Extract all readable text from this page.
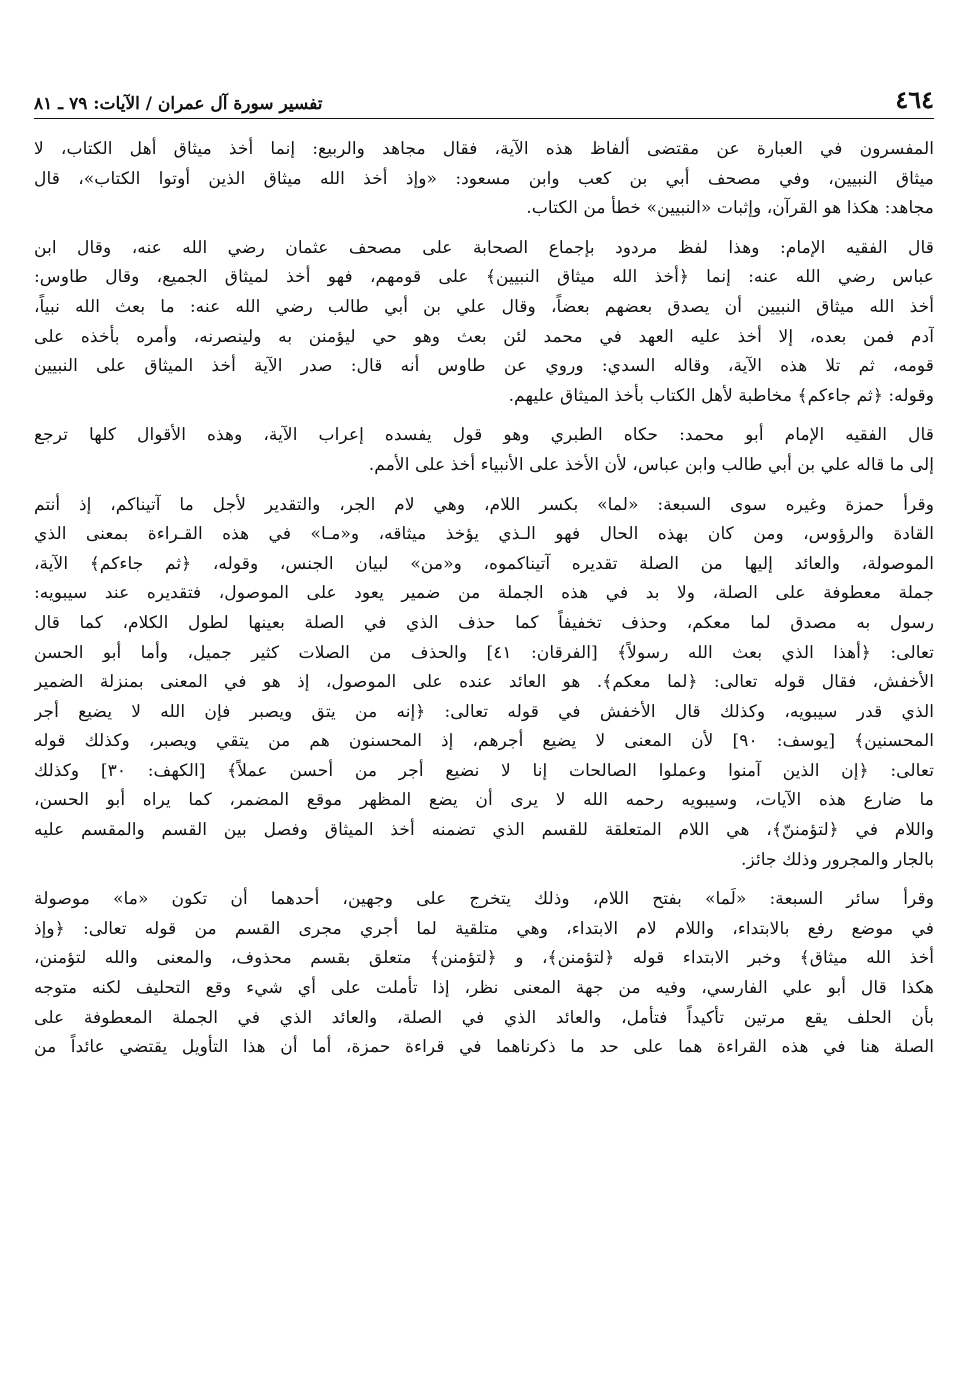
٤٦٤
تفسير سورة آل عمران / الآيات: ٧٩ ـ ٨١

المفسرون في العبارة عن مقتضى ألفاظ هذه الآية، فقال مجاهد والربيع: إنما أخذ ميثاق أهل الكتاب، لا
ميثاق النبيين، وفي مصحف أبي بن كعب وابن مسعود: «وإذ أخذ الله ميثاق الذين أوتوا الكتاب»، قال
مجاهد: هكذا هو القرآن، وإثبات «النبيين» خطأ من الكتاب.

قال الفقيه الإمام: وهذا لفظ مردود بإجماع الصحابة على مصحف عثمان رضي الله عنه، وقال ابن
عباس رضي الله عنه: إنما ﴿أخذ الله ميثاق النبيين﴾ على قومهم، فهو أخذ لميثاق الجميع، وقال طاوس:
أخذ الله ميثاق النبيين أن يصدق بعضهم بعضاً، وقال علي بن أبي طالب رضي الله عنه: ما بعث الله نبياً،
آدم فمن بعده، إلا أخذ عليه العهد في محمد لئن بعث وهو حي ليؤمنن به ولينصرنه، وأمره بأخذه على
قومه، ثم تلا هذه الآية، وقاله السدي: وروي عن طاوس أنه قال: صدر الآية أخذ الميثاق على النبيين
وقوله: ﴿ثم جاءكم﴾ مخاطبة لأهل الكتاب بأخذ الميثاق عليهم.

قال الفقيه الإمام أبو محمد: حكاه الطبري وهو قول يفسده إعراب الآية، وهذه الأقوال كلها ترجع
إلى ما قاله علي بن أبي طالب وابن عباس، لأن الأخذ على الأنبياء أخذ على الأمم.

وقرأ حمزة وغيره سوى السبعة: «لما» بكسر اللام، وهي لام الجر، والتقدير لأجل ما آتيناكم، إذ أنتم
القادة والرؤوس، ومن كان بهذه الحال فهو الـذي يؤخذ ميثاقه، و«مـا» في هذه القـراءة بمعنى الذي
الموصولة، والعائد إليها من الصلة تقديره آتيناكموه، و«من» لبيان الجنس، وقوله، ﴿ثم جاءكم﴾ الآية،
جملة معطوفة على الصلة، ولا بد في هذه الجملة من ضمير يعود على الموصول، فتقديره عند سيبويه:
رسول به مصدق لما معكم، وحذف تخفيفاً كما حذف الذي في الصلة بعينها لطول الكلام، كما قال
تعالى: ﴿أهذا الذي بعث الله رسولاً﴾ [الفرقان: ٤١] والحذف من الصلات كثير جميل، وأما أبو الحسن
الأخفش، فقال قوله تعالى: ﴿لما معكم﴾. هو العائد عنده على الموصول، إذ هو في المعنى بمنزلة الضمير
الذي قدر سيبويه، وكذلك قال الأخفش في قوله تعالى: ﴿إنه من يتق ويصبر فإن الله لا يضيع أجر
المحسنين﴾ [يوسف: ٩٠] لأن المعنى لا يضيع أجرهم، إذ المحسنون هم من يتقي ويصبر، وكذلك قوله
تعالى: ﴿إن الذين آمنوا وعملوا الصالحات إنا لا نضيع أجر من أحسن عملاً﴾ [الكهف: ٣٠] وكذلك
ما ضارع هذه الآيات، وسيبويه رحمه الله لا يرى أن يضع المظهر موقع المضمر، كما يراه أبو الحسن،
واللام في ﴿لتؤمننّ﴾، هي اللام المتعلقة للقسم الذي تضمنه أخذ الميثاق وفصل بين القسم والمقسم عليه
بالجار والمجرور وذلك جائز.

وقرأ سائر السبعة: «لَما» بفتح اللام، وذلك يتخرج على وجهين، أحدهما أن تكون «ما» موصولة
في موضع رفع بالابتداء، واللام لام الابتداء، وهي متلقية لما أجري مجرى القسم من قوله تعالى: ﴿وإذ
أخذ الله ميثاق﴾ وخبر الابتداء قوله ﴿لتؤمنن﴾، و ﴿لتؤمنن﴾ متعلق بقسم محذوف، والمعنى والله لتؤمنن،
هكذا قال أبو علي الفارسي، وفيه من جهة المعنى نظر، إذا تأملت على أي شيء وقع التحليف لكنه متوجه
بأن الحلف يقع مرتين تأكيداً فتأمل، والعائد الذي في الصلة، والعائد الذي في الجملة المعطوفة على
الصلة هنا في هذه القراءة هما على حد ما ذكرناهما في قراءة حمزة، أما أن هذا التأويل يقتضي عائداً من
